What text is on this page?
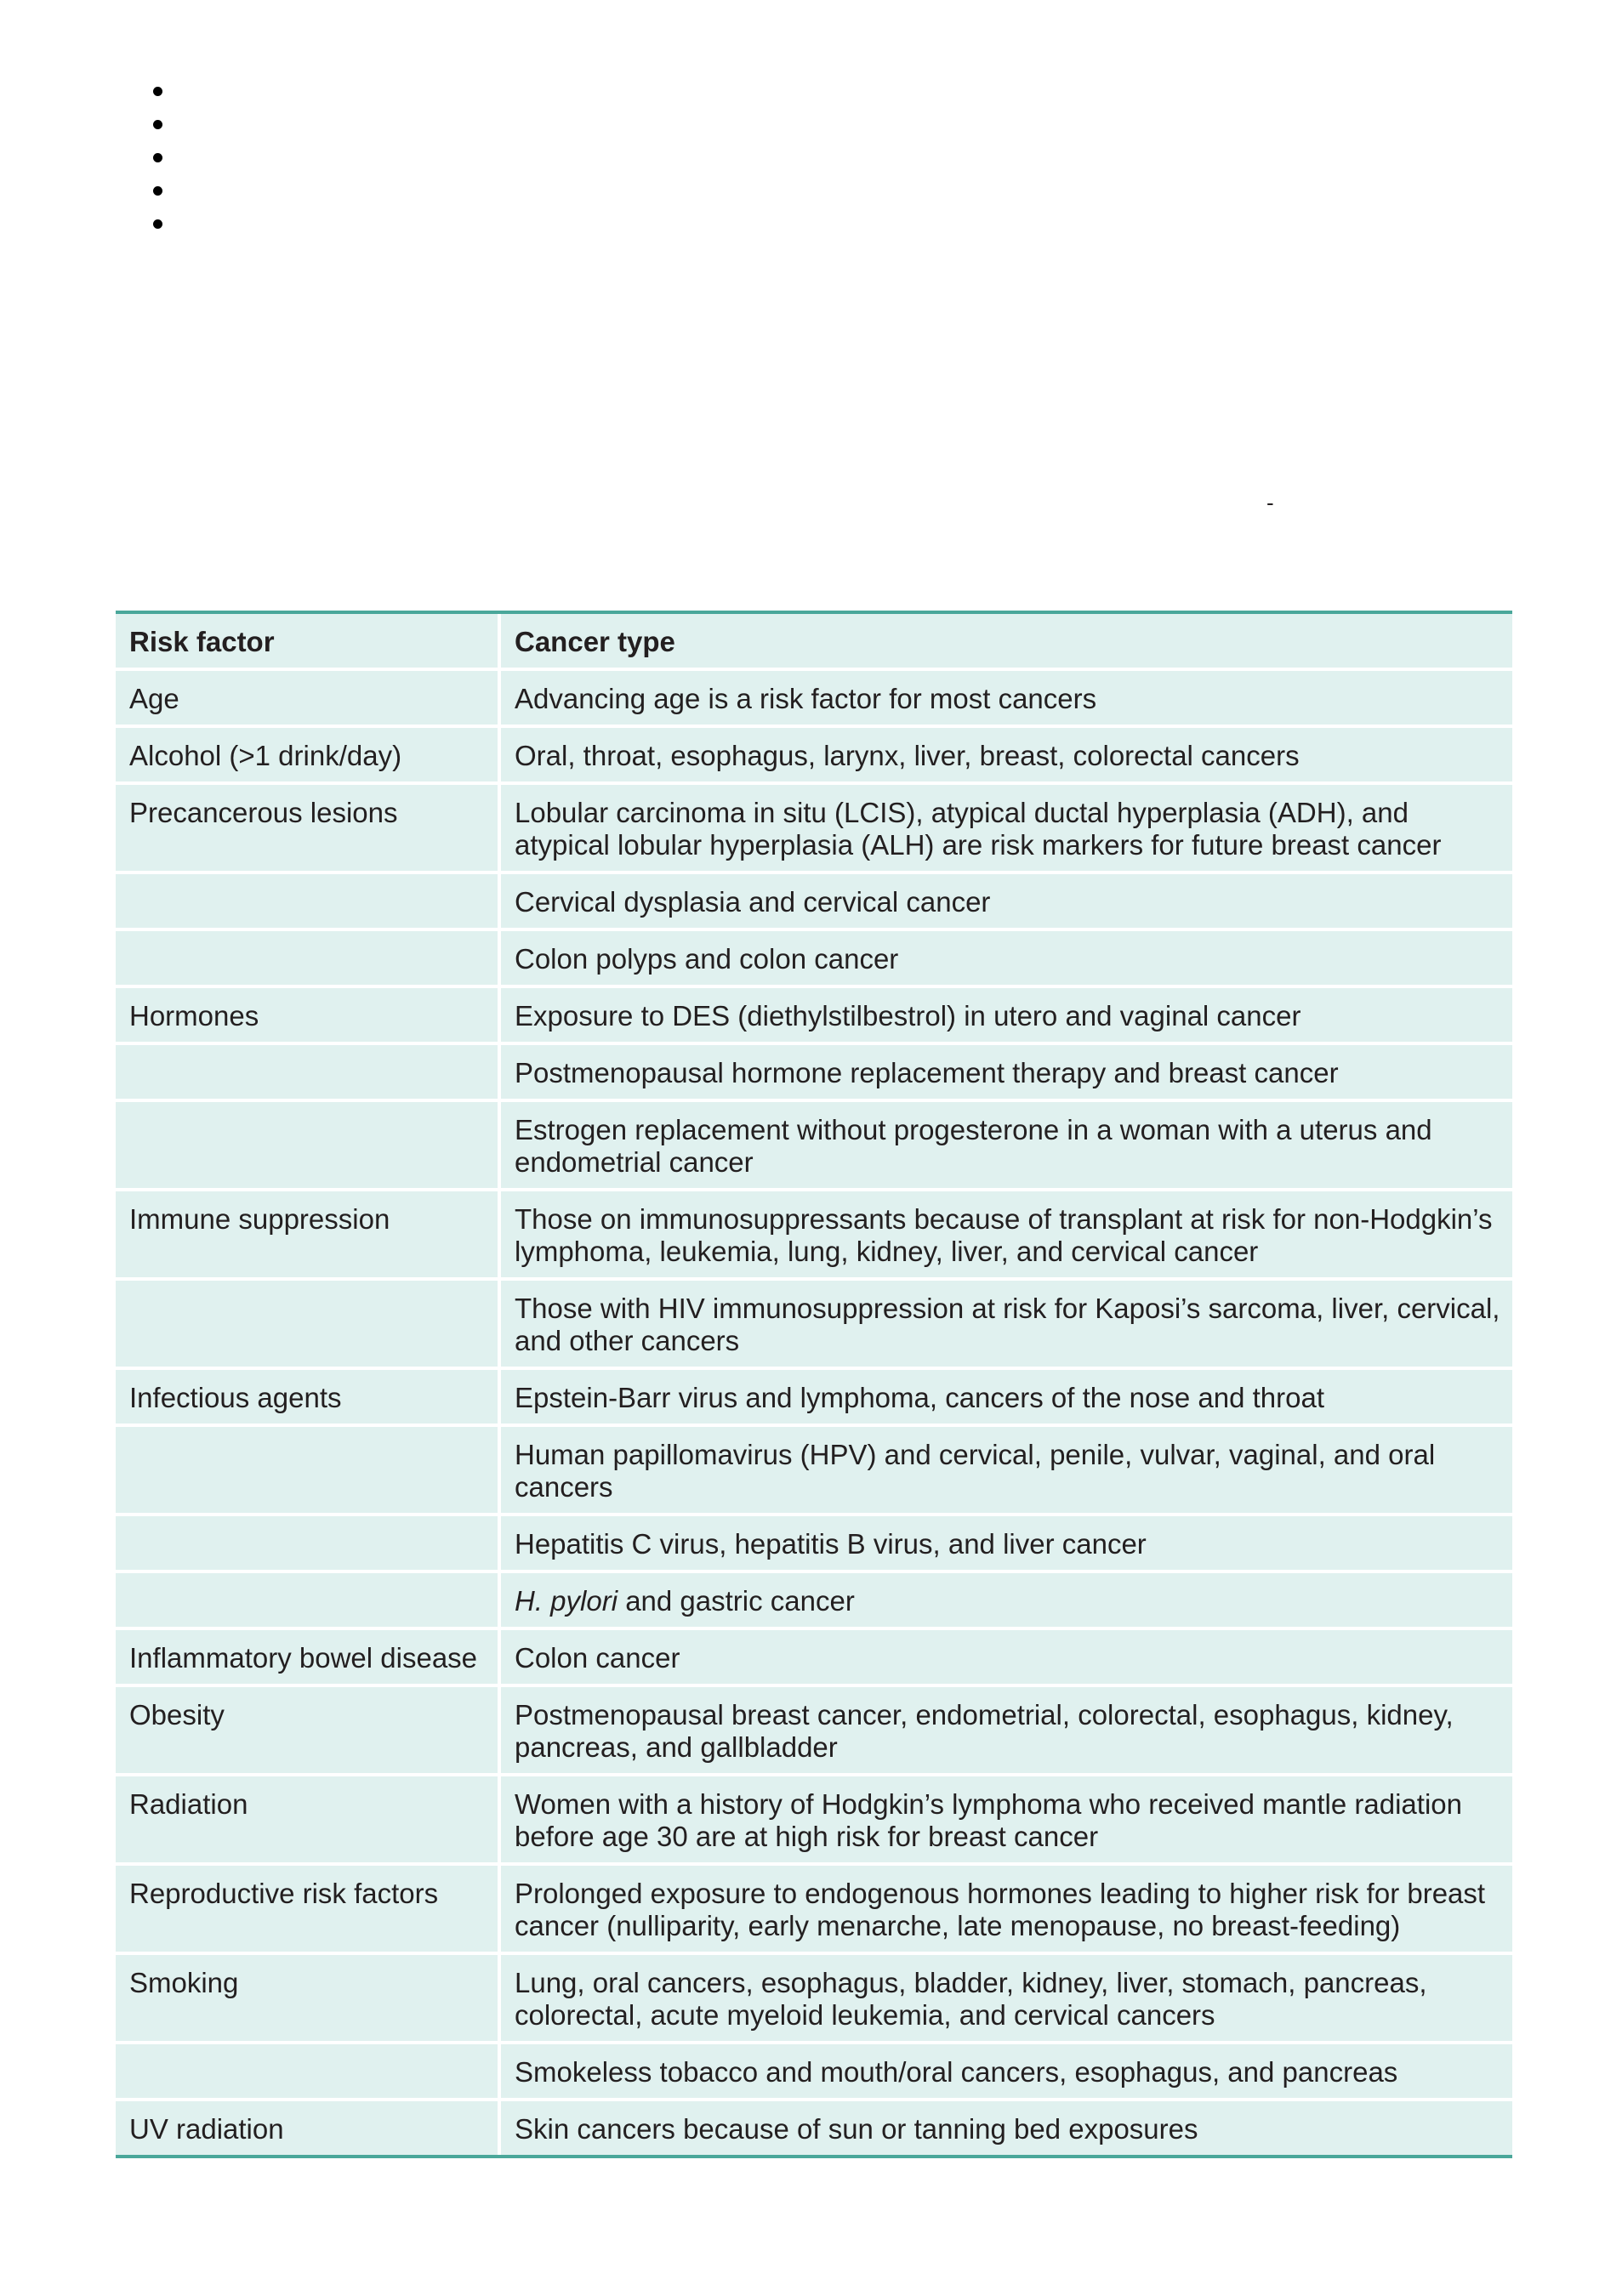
-
Risk factor	Cancer type
Age	Advancing age is a risk factor for most cancers
Alcohol (>1 drink/day)	Oral, throat, esophagus, larynx, liver, breast, colorectal cancers
Precancerous lesions	Lobular carcinoma in situ (LCIS), atypical ductal hyperplasia (ADH), and atypical lobular hyperplasia (ALH) are risk markers for future breast cancer
	Cervical dysplasia and cervical cancer
	Colon polyps and colon cancer
Hormones	Exposure to DES (diethylstilbestrol) in utero and vaginal cancer
	Postmenopausal hormone replacement therapy and breast cancer
	Estrogen replacement without progesterone in a woman with a uterus and endometrial cancer
Immune suppression	Those on immunosuppressants because of transplant at risk for non-Hodgkin’s lymphoma, leukemia, lung, kidney, liver, and cervical cancer
	Those with HIV immunosuppression at risk for Kaposi’s sarcoma, liver, cervical, and other cancers
Infectious agents	Epstein-Barr virus and lymphoma, cancers of the nose and throat
	Human papillomavirus (HPV) and cervical, penile, vulvar, vaginal, and oral cancers
	Hepatitis C virus, hepatitis B virus, and liver cancer
	H. pylori and gastric cancer
Inflammatory bowel disease	Colon cancer
Obesity	Postmenopausal breast cancer, endometrial, colorectal, esophagus, kidney, pancreas, and gallbladder
Radiation	Women with a history of Hodgkin’s lymphoma who received mantle radiation before age 30 are at high risk for breast cancer
Reproductive risk factors	Prolonged exposure to endogenous hormones leading to higher risk for breast cancer (nulliparity, early menarche, late menopause, no breast-feeding)
Smoking	Lung, oral cancers, esophagus, bladder, kidney, liver, stomach, pancreas, colorectal, acute myeloid leukemia, and cervical cancers
	Smokeless tobacco and mouth/oral cancers, esophagus, and pancreas
UV radiation	Skin cancers because of sun or tanning bed exposures
